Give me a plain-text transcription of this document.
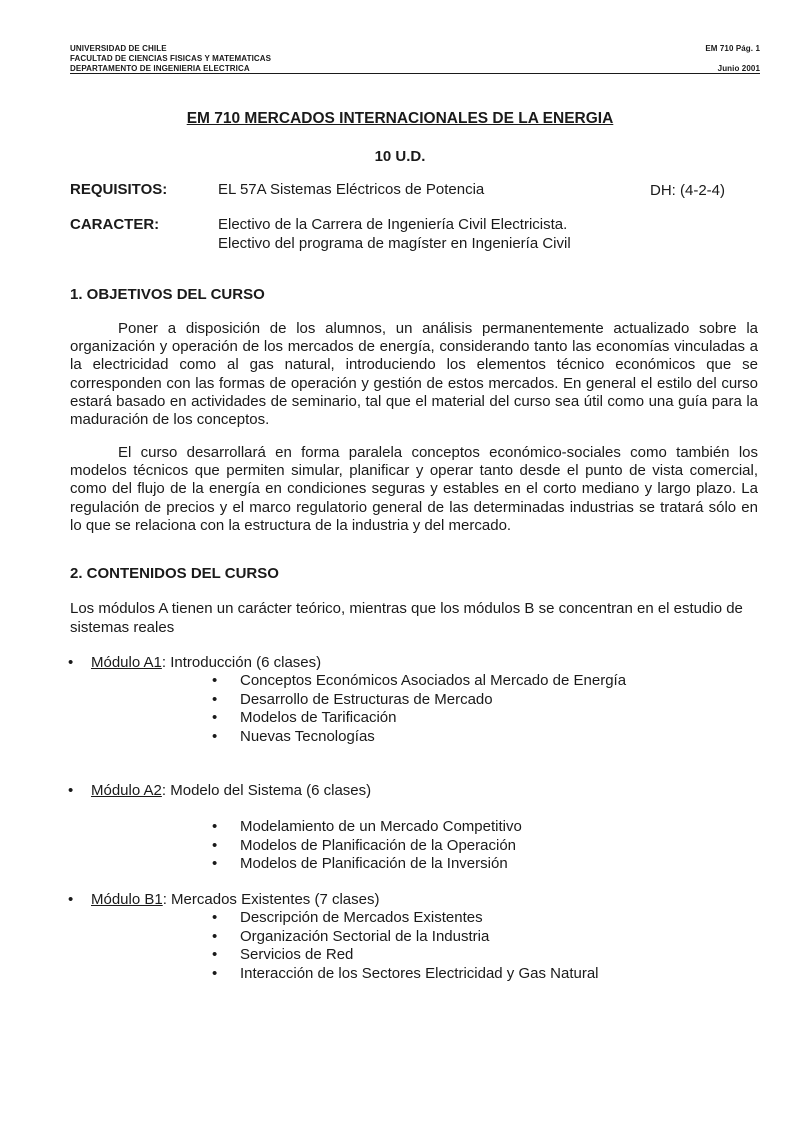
UNIVERSIDAD DE CHILE
FACULTAD DE CIENCIAS FISICAS Y MATEMATICAS
DEPARTAMENTO DE INGENIERIA ELECTRICA
EM 710 Pág. 1
Junio 2001
EM 710 MERCADOS INTERNACIONALES DE LA ENERGIA
10 U.D.
REQUISITOS:	EL 57A Sistemas Eléctricos de Potencia	DH: (4-2-4)
CARACTER:	Electivo de la Carrera de Ingeniería Civil Electricista.
Electivo del programa de magíster en Ingeniería Civil
1. OBJETIVOS DEL CURSO

Poner a disposición de los alumnos, un análisis permanentemente actualizado sobre la organización y operación de los mercados de energía, considerando tanto las economías vinculadas a la electricidad como al gas natural, introduciendo los elementos técnico económicos que se corresponden con las formas de operación y gestión de estos mercados. En general el estilo del curso estará basado en actividades de seminario, tal que el material del curso sea útil como una guía para la maduración de los conceptos.

El curso desarrollará en forma paralela conceptos económico-sociales como también los modelos técnicos que permiten simular, planificar y operar tanto desde el punto de vista comercial, como del flujo de la energía en condiciones seguras y estables en el corto mediano y largo plazo. La regulación de precios y el marco regulatorio general de las determinadas industrias se tratará sólo en lo que se relaciona con la estructura de la industria y del mercado.

2. CONTENIDOS DEL CURSO
Los módulos A tienen un carácter teórico, mientras que los módulos B se concentran en el estudio de sistemas reales
• Módulo A1: Introducción (6 clases)
• Conceptos Económicos Asociados al Mercado de Energía
• Desarrollo de Estructuras de Mercado
• Modelos de Tarificación
• Nuevas Tecnologías
• Módulo A2: Modelo del Sistema (6 clases)
• Modelamiento de un Mercado Competitivo
• Modelos de Planificación de la Operación
• Modelos de Planificación de la Inversión
• Módulo B1: Mercados Existentes (7 clases)
• Descripción de Mercados Existentes
• Organización Sectorial de la Industria
• Servicios de Red
• Interacción de los Sectores Electricidad y Gas Natural
